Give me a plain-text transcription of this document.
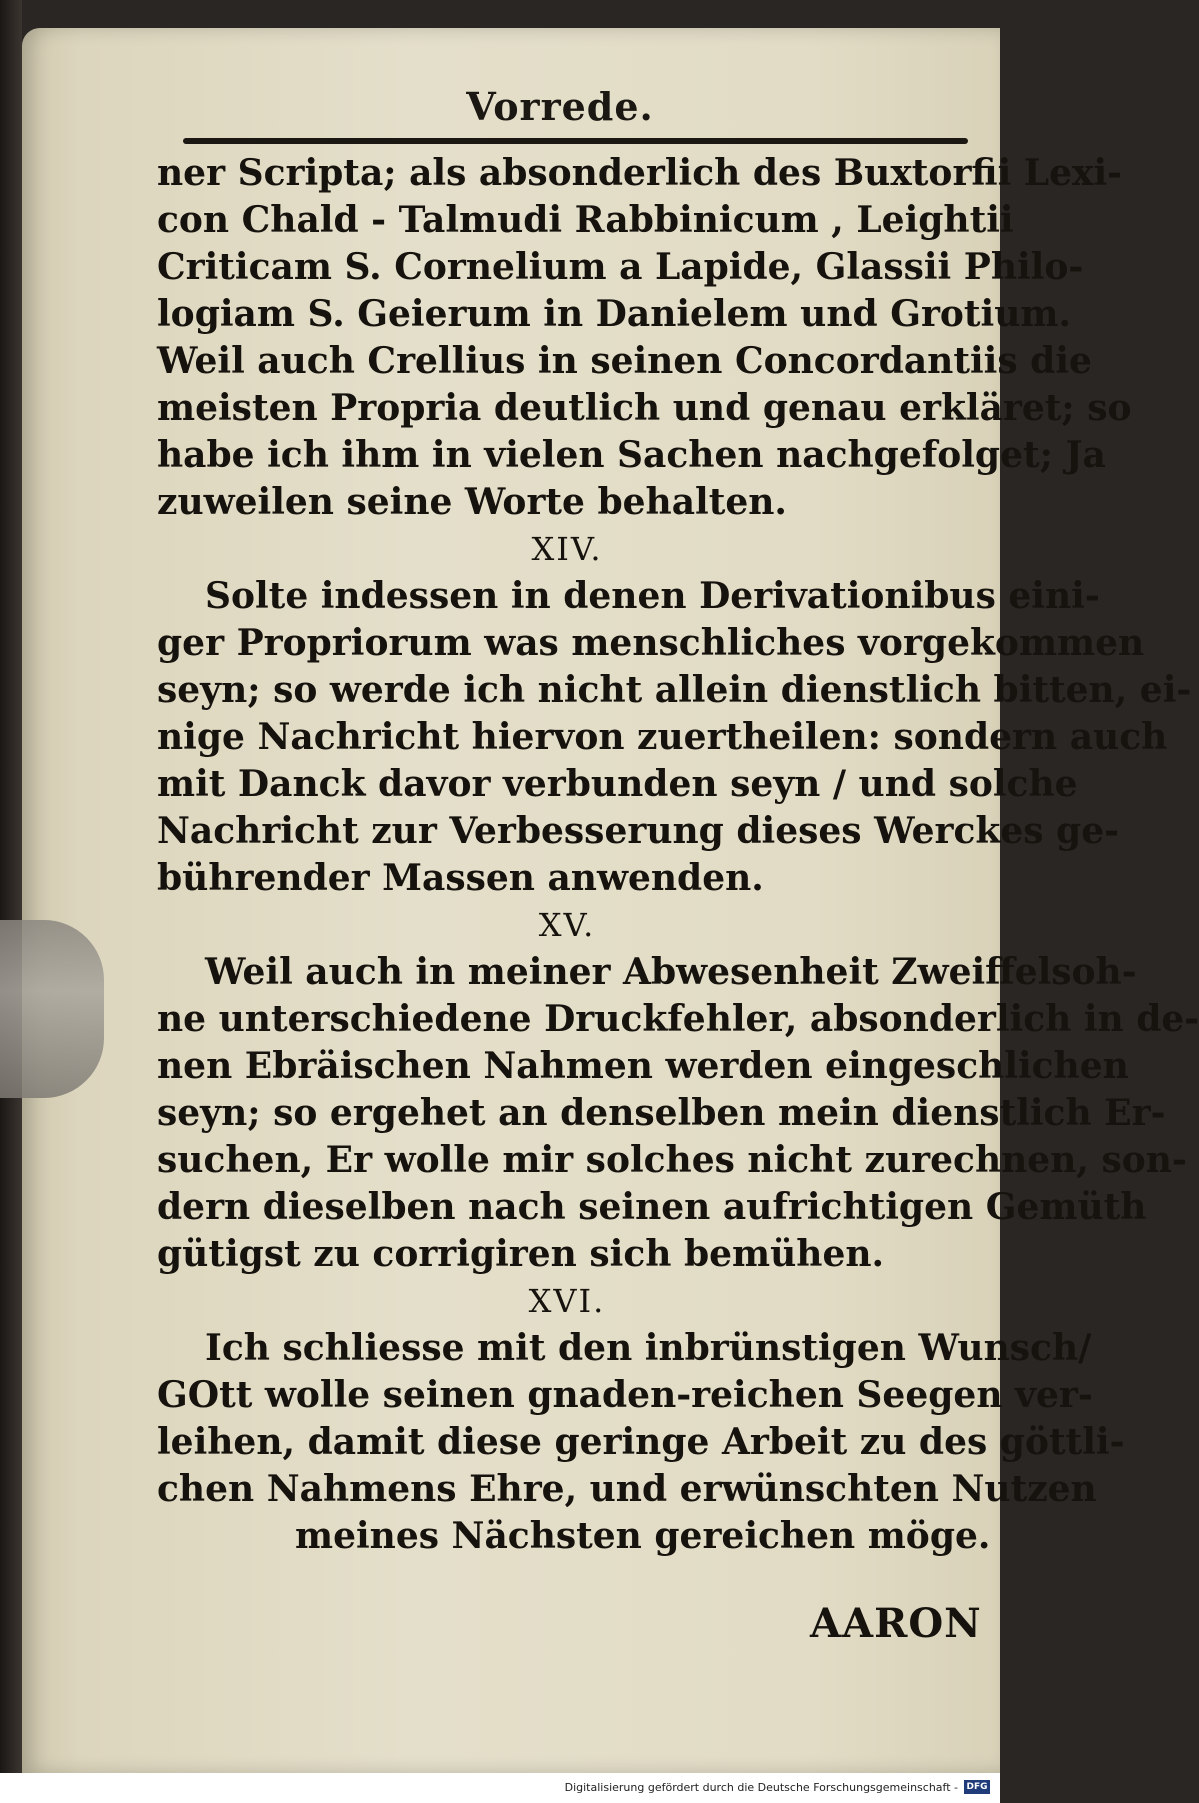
Vorrede.
ner Scripta; als absonderlich des Buxtorfii Lexi-
con Chald - Talmudi Rabbinicum , Leightii
Criticam S. Cornelium a Lapide, Glassii Philo-
logiam S. Geierum in Danielem und Grotium.
Weil auch Crellius in seinen Concordantiis die
meisten Propria deutlich und genau erkläret; so
habe ich ihm in vielen Sachen nachgefolget; Ja
zuweilen seine Worte behalten.
XIV.
Solte indessen in denen Derivationibus eini-
ger Propriorum was menschliches vorgekommen
seyn; so werde ich nicht allein dienstlich bitten, ei-
nige Nachricht hiervon zuertheilen: sondern auch
mit Danck davor verbunden seyn / und solche
Nachricht zur Verbesserung dieses Werckes ge-
bührender Massen anwenden.
XV.
Weil auch in meiner Abwesenheit Zweiffelsoh-
ne unterschiedene Druckfehler, absonderlich in de-
nen Ebräischen Nahmen werden eingeschlichen
seyn; so ergehet an denselben mein dienstlich Er-
suchen, Er wolle mir solches nicht zurechnen, son-
dern dieselben nach seinen aufrichtigen Gemüth
gütigst zu corrigiren sich bemühen.
XVI.
Ich schliesse mit den inbrünstigen Wunsch/
GOtt wolle seinen gnaden-reichen Seegen ver-
leihen, damit diese geringe Arbeit zu des göttli-
chen Nahmens Ehre, und erwünschten Nutzen
meines Nächsten gereichen möge.
AARON
Digitalisierung gefördert durch die Deutsche Forschungsgemeinschaft - DFG
